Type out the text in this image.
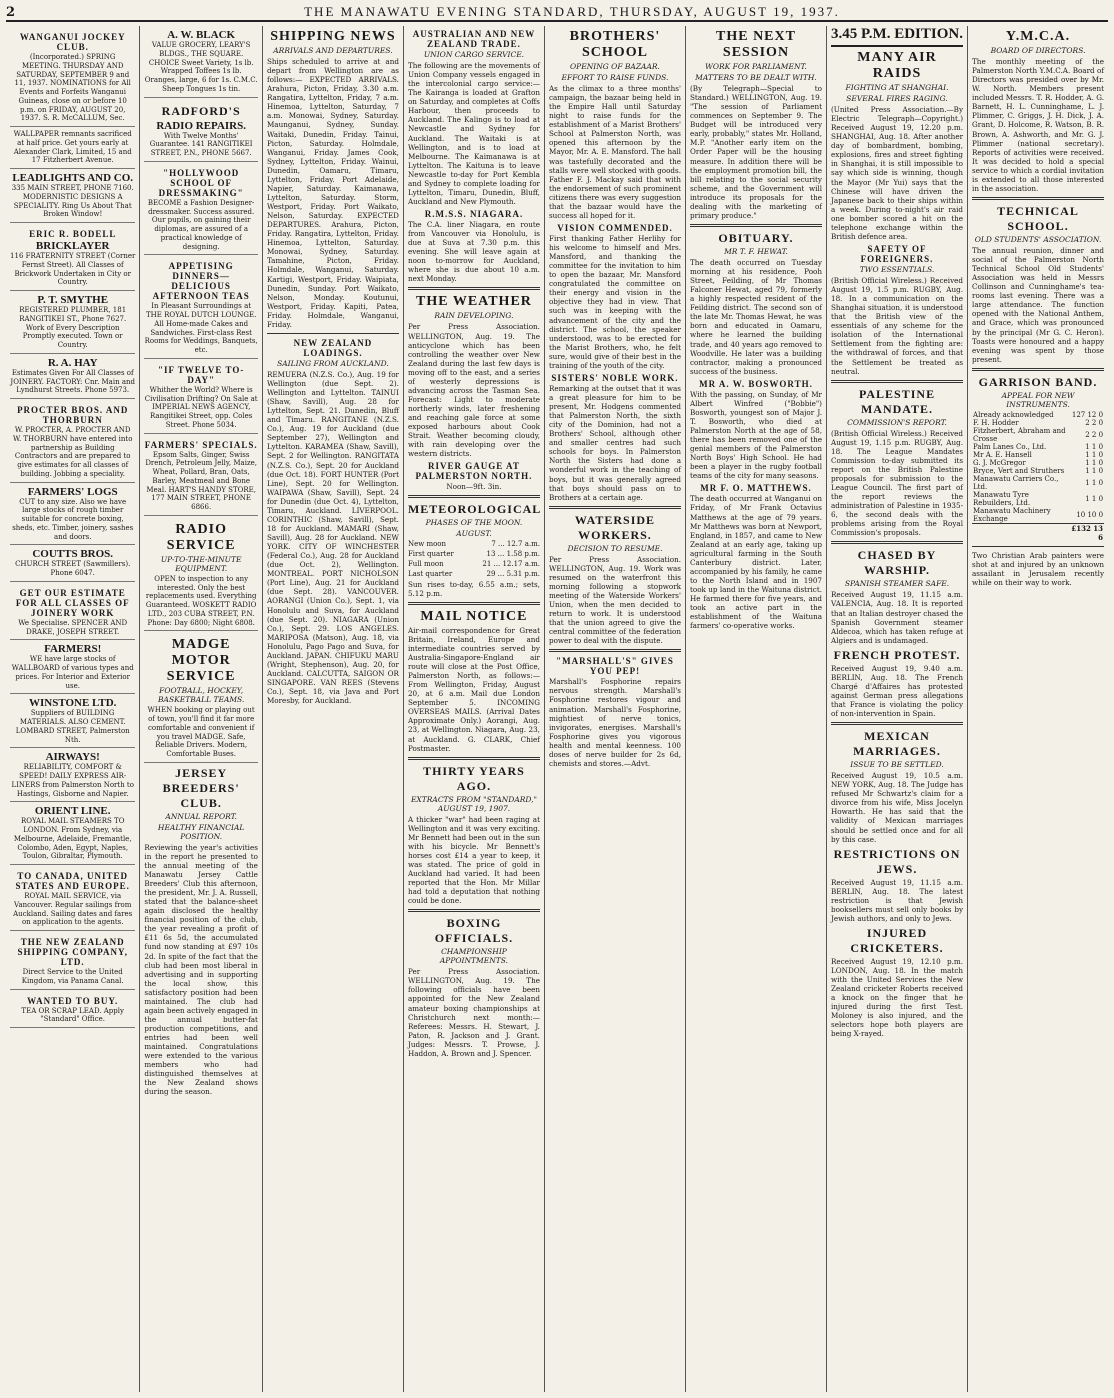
2	THE MANAWATU EVENING STANDARD, THURSDAY, AUGUST 19, 1937.
WANGANUI JOCKEY CLUB.
(Incorporated.) SPRING MEETING. THURSDAY AND SATURDAY, SEPTEMBER 9 and 11, 1937. NOMINATIONS for All Events and Forfeits Wanganui Guineas, close on or before 10 p.m. on FRIDAY, AUGUST 20, 1937. S. R. McCALLUM, Sec.
WALLPAPER remnants sacrificed at half price. Get yours early at Alexander Clark, Limited, 15 and 17 Fitzherbert Avenue.
LEADLIGHTS AND CO.
335 MAIN STREET, PHONE 7160. MODERNISTIC DESIGNS A SPECIALITY. Ring Us About That Broken Window!
ERIC R. BODELL
BRICKLAYER
116 FRATERNITY STREET (Corner Fernst Street). All Classes of Brickwork Undertaken in City or Country.
P. T. SMYTHE
REGISTERED PLUMBER, 181 RANGITIKEI ST., Phone 7627. Work of Every Description Promptly executed. Town or Country.
R. A. HAY
Estimates Given For All Classes of JOINERY. FACTORY: Cnr. Main and Lyndhurst Streets. Phone 5973.
PROCTER BROS. AND THORBURN
W. PROCTER, A. PROCTER AND W. THORBURN have entered into partnership as Building Contractors and are prepared to give estimates for all classes of building. Jobbing a speciality.
FARMERS' LOGS
CUT to any size. Also we have large stocks of rough timber suitable for concrete boxing, sheds, etc. Timber, joinery, sashes and doors.
COUTTS BROS.
CHURCH STREET (Sawmillers). Phone 6047.
GET OUR ESTIMATE FOR ALL CLASSES OF JOINERY WORK
We Specialise. SPENCER AND DRAKE, JOSEPH STREET.
FARMERS!
WE have large stocks of WALLBOARD of various types and prices. For Interior and Exterior use.
WINSTONE LTD.
Suppliers of BUILDING MATERIALS. ALSO CEMENT. LOMBARD STREET, Palmerston Nth.
AIRWAYS!
RELIABILITY, COMFORT & SPEED! DAILY EXPRESS AIR-LINERS from Palmerston North to Hastings, Gisborne and Napier.
ORIENT LINE.
ROYAL MAIL STEAMERS TO LONDON. From Sydney, via Melbourne, Adelaide, Fremantle, Colombo, Aden, Egypt, Naples, Toulon, Gibraltar, Plymouth.
TO CANADA, UNITED STATES AND EUROPE.
ROYAL MAIL SERVICE, via Vancouver. Regular sailings from Auckland. Sailing dates and fares on application to the agents.
THE NEW ZEALAND SHIPPING COMPANY, LTD.
Direct Service to the United Kingdom, via Panama Canal.
WANTED TO BUY.
TEA OR SCRAP LEAD. Apply "Standard" Office.
A. W. BLACK
VALUE GROCERY, LEARY'S BLDGS., THE SQUARE. CHOICE Sweet Variety, 1s lb. Wrapped Toffees 1s lb. Oranges, large, 6 for 1s. C.M.C. Sheep Tongues 1s tin.
RADFORD'S
RADIO REPAIRS.
With Twelve Months' Guarantee. 141 RANGITIKEI STREET, P.N., PHONE 5667.
"HOLLYWOOD SCHOOL OF DRESSMAKING"
BECOME a Fashion Designer-dressmaker. Success assured. Our pupils, on gaining their diplomas, are assured of a practical knowledge of designing.
APPETISING DINNERS—DELICIOUS AFTERNOON TEAS
In Pleasant Surroundings at THE ROYAL DUTCH LOUNGE. All Home-made Cakes and Sandwiches. First-class Rest Rooms for Weddings, Banquets, etc.
"IF TWELVE TO-DAY"
Whither the World? Where is Civilisation Drifting? On Sale at IMPERIAL NEWS AGENCY, Rangitikei Street, opp. Coles Street. Phone 5034.
FARMERS' SPECIALS.
Epsom Salts, Ginger, Swiss Drench, Petroleum Jelly, Maize, Wheat, Pollard, Bran, Oats, Barley, Meatmeal and Bone Meal. HART'S HANDY STORE, 177 MAIN STREET, PHONE 6866.
RADIO SERVICE
UP-TO-THE-MINUTE EQUIPMENT.
OPEN to inspection to any interested. Only the best replacements used. Everything Guaranteed. WOSKETT RADIO LTD., 203 CUBA STREET, P.N. Phone: Day 6800; Night 6808.
MADGE MOTOR SERVICE
FOOTBALL, HOCKEY, BASKETBALL TEAMS.
WHEN booking or playing out of town, you'll find it far more comfortable and convenient if you travel MADGE. Safe, Reliable Drivers. Modern, Comfortable Buses.
JERSEY BREEDERS' CLUB.
ANNUAL REPORT.
HEALTHY FINANCIAL POSITION.

Reviewing the year's activities in the report he presented to the annual meeting of the Manawatu Jersey Cattle Breeders' Club this afternoon, the president, Mr. J. A. Russell, stated that the balance-sheet again disclosed the healthy financial position of the club, the year revealing a profit of £11 6s 5d, the accumulated fund now standing at £97 10s 2d. In spite of the fact that the club had been most liberal in advertising and in supporting the local show, this satisfactory position had been maintained. The club had again been actively engaged in the annual butter-fat production competitions, and entries had been well maintained. Congratulations were extended to the various members who had distinguished themselves at the New Zealand shows during the season.

SHIPPING NEWS
ARRIVALS AND DEPARTURES.

Ships scheduled to arrive at and depart from Wellington are as follows:— EXPECTED ARRIVALS. Arahura, Picton, Friday, 3.30 a.m. Rangatira, Lyttelton, Friday, 7 a.m. Hinemoa, Lyttelton, Saturday, 7 a.m. Monowai, Sydney, Saturday. Maunganui, Sydney, Sunday. Waitaki, Dunedin, Friday. Tainui, Picton, Saturday. Holmdale, Wanganui, Friday. James Cook, Sydney, Lyttelton, Friday. Wainui, Dunedin, Oamaru, Timaru, Lyttelton, Friday. Port Adelaide, Napier, Saturday. Kaimanawa, Lyttelton, Saturday. Storm, Westport, Friday. Port Waikato, Nelson, Saturday. EXPECTED DEPARTURES. Arahura, Picton, Friday. Rangatira, Lyttelton, Friday. Hinemoa, Lyttelton, Saturday. Monowai, Sydney, Saturday. Tamahine, Picton, Friday. Holmdale, Wanganui, Saturday. Kartigi, Westport, Friday. Waipiata, Dunedin, Sunday. Port Waikato, Nelson, Monday. Koutunui, Westport, Friday. Kapiti, Patea, Friday. Holmdale, Wanganui, Friday.

NEW ZEALAND LOADINGS.
SAILING FROM AUCKLAND.

REMUERA (N.Z.S. Co.), Aug. 19 for Wellington (due Sept. 2). Wellington and Lyttelton. TAINUI (Shaw, Savill), Aug. 28 for Lyttelton, Sept. 21. Dunedin, Bluff and Timaru. RANGITANE (N.Z.S. Co.), Aug. 19 for Auckland (due September 27), Wellington and Lyttelton. KARAMEA (Shaw, Savill), Sept. 2 for Wellington. RANGITATA (N.Z.S. Co.), Sept. 20 for Auckland (due Oct. 18). FORT HUNTER (Port Line), Sept. 20 for Wellington. WAIPAWA (Shaw, Savill), Sept. 24 for Dunedin (due Oct. 4), Lyttelton, Timaru, Auckland. LIVERPOOL. CORINTHIC (Shaw, Savill), Sept. 18 for Auckland. MAMARI (Shaw, Savill), Aug. 28 for Auckland. NEW YORK. CITY OF WINCHESTER (Federal Co.), Aug. 28 for Auckland (due Oct. 2), Wellington. MONTREAL. PORT NICHOLSON (Port Line), Aug. 21 for Auckland (due Sept. 28). VANCOUVER. AORANGI (Union Co.), Sept. 1, via Honolulu and Suva, for Auckland (due Sept. 20). NIAGARA (Union Co.), Sept. 29. LOS ANGELES. MARIPOSA (Matson), Aug. 18, via Honolulu, Pago Pago and Suva, for Auckland. JAPAN. CHIFUKU MARU (Wright, Stephenson), Aug. 20, for Auckland. CALCUTTA, SAIGON OR SINGAPORE. VAN REES (Stevens Co.), Sept. 18, via Java and Port Moresby, for Auckland.

AUSTRALIAN AND NEW ZEALAND TRADE.
UNION CARGO SERVICE.

The following are the movements of Union Company vessels engaged in the intercolonial cargo service:— The Kairanga is loaded at Grafton on Saturday, and completes at Coffs Harbour, then proceeds to Auckland. The Kalingo is to load at Newcastle and Sydney for Auckland. The Waitaki is at Wellington, and is to load at Melbourne. The Kaimanawa is at Lyttelton. The Kaituna is to leave Newcastle to-day for Port Kembla and Sydney to complete loading for Lyttelton, Timaru, Dunedin, Bluff, Auckland and New Plymouth.

R.M.S.S. NIAGARA.

The C.A. liner Niagara, en route from Vancouver via Honolulu, is due at Suva at 7.30 p.m. this evening. She will leave again at noon to-morrow for Auckland, where she is due about 10 a.m. next Monday.

THE WEATHER
RAIN DEVELOPING.

Per Press Association. WELLINGTON, Aug. 19. The anticyclone which has been controlling the weather over New Zealand during the last few days is moving off to the east, and a series of westerly depressions is advancing across the Tasman Sea. Forecast: Light to moderate northerly winds, later freshening and reaching gale force at some exposed harbours about Cook Strait. Weather becoming cloudy, with rain developing over the western districts.

RIVER GAUGE AT PALMERSTON NORTH.

Noon—9ft. 3in.

METEOROLOGICAL
PHASES OF THE MOON.
AUGUST.
New moon	7 ... 12.7 a.m.
First quarter	13 ... 1.58 p.m.
Full moon	21 ... 12.17 a.m.
Last quarter	29 ... 5.31 p.m.

Sun rises to-day, 6.55 a.m.; sets, 5.12 p.m.

MAIL NOTICE

Air-mail correspondence for Great Britain, Ireland, Europe and intermediate countries served by Australia-Singapore-England air route will close at the Post Office, Palmerston North, as follows:— From Wellington, Friday, August 20, at 6 a.m. Mail due London September 5. INCOMING OVERSEAS MAILS. (Arrival Dates Approximate Only.) Aorangi, Aug. 23, at Wellington. Niagara, Aug. 23, at Auckland. G. CLARK, Chief Postmaster.

THIRTY YEARS AGO.
EXTRACTS FROM "STANDARD," AUGUST 19, 1907.

A thicker "war" had been raging at Wellington and it was very exciting. Mr Bennett had been out in the sun with his bicycle. Mr Bennett's horses cost £14 a year to keep, it was stated. The price of gold in Auckland had varied. It had been reported that the Hon. Mr Millar had told a deputation that nothing could be done.

BOXING OFFICIALS.
CHAMPIONSHIP APPOINTMENTS.

Per Press Association. WELLINGTON, Aug. 19. The following officials have been appointed for the New Zealand amateur boxing championships at Christchurch next month:— Referees: Messrs. H. Stewart, J. Paton, R. Jackson and J. Grant. Judges: Messrs. T. Prowse, J. Haddon, A. Brown and J. Spencer.

BROTHERS' SCHOOL
OPENING OF BAZAAR.
EFFORT TO RAISE FUNDS.

As the climax to a three months' campaign, the bazaar being held in the Empire Hall until Saturday night to raise funds for the establishment of a Marist Brothers' School at Palmerston North, was opened this afternoon by the Mayor, Mr. A. E. Mansford. The hall was tastefully decorated and the stalls were well stocked with goods. Father F. J. Mackay said that with the endorsement of such prominent citizens there was every suggestion that the bazaar would have the success all hoped for it.

VISION COMMENDED.

First thanking Father Herlihy for his welcome to himself and Mrs. Mansford, and thanking the committee for the invitation to him to open the bazaar, Mr. Mansford congratulated the committee on their energy and vision in the objective they had in view. That such was in keeping with the advancement of the city and the district. The school, the speaker understood, was to be erected for the Marist Brothers, who, he felt sure, would give of their best in the training of the youth of the city.

SISTERS' NOBLE WORK.

Remarking at the outset that it was a great pleasure for him to be present, Mr. Hodgens commented that Palmerston North, the sixth city of the Dominion, had not a Brothers' School, although other and smaller centres had such schools for boys. In Palmerston North the Sisters had done a wonderful work in the teaching of boys, but it was generally agreed that boys should pass on to Brothers at a certain age.

WATERSIDE WORKERS.
DECISION TO RESUME.

Per Press Association. WELLINGTON, Aug. 19. Work was resumed on the waterfront this morning following a stopwork meeting of the Waterside Workers' Union, when the men decided to return to work. It is understood that the union agreed to give the central committee of the federation power to deal with the dispute.

"MARSHALL'S" GIVES YOU PEP!

Marshall's Fosphorine repairs nervous strength. Marshall's Fosphorine restores vigour and animation. Marshall's Fosphorine, mightiest of nerve tonics, invigorates, energises. Marshall's Fosphorine gives you vigorous health and mental keenness. 100 doses of nerve builder for 2s 6d, chemists and stores.—Advt.

THE NEXT SESSION
WORK FOR PARLIAMENT.
MATTERS TO BE DEALT WITH.

(By Telegraph—Special to Standard.) WELLINGTON, Aug. 19. "The session of Parliament commences on September 9. The Budget will be introduced very early, probably," states Mr. Holland, M.P. "Another early item on the Order Paper will be the housing measure. In addition there will be the employment promotion bill, the bill relating to the social security scheme, and the Government will introduce its proposals for the dealing with the marketing of primary produce."

OBITUARY.
MR T. F. HEWAT.

The death occurred on Tuesday morning at his residence, Pooh Street, Feilding, of Mr Thomas Falconer Hewat, aged 79, formerly a highly respected resident of the Feilding district. The second son of the late Mr. Thomas Hewat, he was born and educated in Oamaru, where he learned the building trade, and 40 years ago removed to Woodville. He later was a building contractor, making a pronounced success of the business.

MR A. W. BOSWORTH.

With the passing, on Sunday, of Mr Albert Winfred ("Bobbie") Bosworth, youngest son of Major J. T. Bosworth, who died at Palmerston North at the age of 58, there has been removed one of the genial members of the Palmerston North Boys' High School. He had been a player in the rugby football teams of the city for many seasons.

MR F. O. MATTHEWS.

The death occurred at Wanganui on Friday, of Mr Frank Octavius Matthews at the age of 79 years. Mr Matthews was born at Newport, England, in 1857, and came to New Zealand at an early age, taking up agricultural farming in the South Canterbury district. Later, accompanied by his family, he came to the North Island and in 1907 took up land in the Waituna district. He farmed there for five years, and took an active part in the establishment of the Waituna farmers' co-operative works.

3.45 P.M. EDITION.
MANY AIR RAIDS
FIGHTING AT SHANGHAI.
SEVERAL FIRES RAGING.

(United Press Association.—By Electric Telegraph—Copyright.) Received August 19, 12.20 p.m. SHANGHAI, Aug. 18. After another day of bombardment, bombing, explosions, fires and street fighting in Shanghai, it is still impossible to say which side is winning, though the Mayor (Mr Yui) says that the Chinese will have driven the Japanese back to their ships within a week. During to-night's air raid one bomber scored a hit on the telephone exchange within the British defence area.

SAFETY OF FOREIGNERS.
TWO ESSENTIALS.

(British Official Wireless.) Received August 19, 1.5 p.m. RUGBY, Aug. 18. In a communication on the Shanghai situation, it is understood that the British view of the essentials of any scheme for the isolation of the International Settlement from the fighting are: the withdrawal of forces, and that the Settlement be treated as neutral.

PALESTINE MANDATE.
COMMISSION'S REPORT.

(British Official Wireless.) Received August 19, 1.15 p.m. RUGBY, Aug. 18. The League Mandates Commission to-day submitted its report on the British Palestine proposals for submission to the League Council. The first part of the report reviews the administration of Palestine in 1935-6, the second deals with the problems arising from the Royal Commission's proposals.

CHASED BY WARSHIP.
SPANISH STEAMER SAFE.

Received August 19, 11.15 a.m. VALENCIA, Aug. 18. It is reported that an Italian destroyer chased the Spanish Government steamer Aldecoa, which has taken refuge at Algiers and is undamaged.

FRENCH PROTEST.

Received August 19, 9.40 a.m. BERLIN, Aug. 18. The French Chargé d'Affaires has protested against German press allegations that France is violating the policy of non-intervention in Spain.

MEXICAN MARRIAGES.
ISSUE TO BE SETTLED.

Received August 19, 10.5 a.m. NEW YORK, Aug. 18. The Judge has refused Mr Schwartz's claim for a divorce from his wife, Miss Jocelyn Howarth. He has said that the validity of Mexican marriages should be settled once and for all by this case.

RESTRICTIONS ON JEWS.

Received August 19, 11.15 a.m. BERLIN, Aug. 18. The latest restriction is that Jewish booksellers must sell only books by Jewish authors, and only to Jews.

INJURED CRICKETERS.

Received August 19, 12.10 p.m. LONDON, Aug. 18. In the match with the United Services the New Zealand cricketer Roberts received a knock on the finger that he injured during the first Test. Moloney is also injured, and the selectors hope both players are being X-rayed.

Y.M.C.A.
BOARD OF DIRECTORS.

The monthly meeting of the Palmerston North Y.M.C.A. Board of Directors was presided over by Mr. W. North. Members present included Messrs. T. R. Hodder, A. G. Barnett, H. L. Cunninghame, L. J. Plimmer, C. Griggs, J. H. Dick, J. A. Grant, D. Holcome, R. Watson, B. R. Brown, A. Ashworth, and Mr. G. J. Plimmer (national secretary). Reports of activities were received. It was decided to hold a special service to which a cordial invitation is extended to all those interested in the association.

TECHNICAL SCHOOL.
OLD STUDENTS' ASSOCIATION.

The annual reunion, dinner and social of the Palmerston North Technical School Old Students' Association was held in Messrs Collinson and Cunninghame's tea-rooms last evening. There was a large attendance. The function opened with the National Anthem, and Grace, which was pronounced by the principal (Mr G. C. Heron). Toasts were honoured and a happy evening was spent by those present.

GARRISON BAND.
APPEAL FOR NEW INSTRUMENTS.
Already acknowledged	127 12 0
F. H. Hodder	2 2 0
Fitzherbert, Abraham and Crosse	2 2 0
Palm Lanes Co., Ltd.	1 1 0
Mr A. E. Hansell	1 1 0
G. J. McGregor	1 1 0
Bryce, Vert and Struthers	1 1 0
Manawatu Carriers Co., Ltd.	1 1 0
Manawatu Tyre Rebuilders, Ltd.	1 1 0
Manawatu Machinery Exchange	10 10 0
	£132 13 6

Two Christian Arab painters were shot at and injured by an unknown assailant in Jerusalem recently while on their way to work.
